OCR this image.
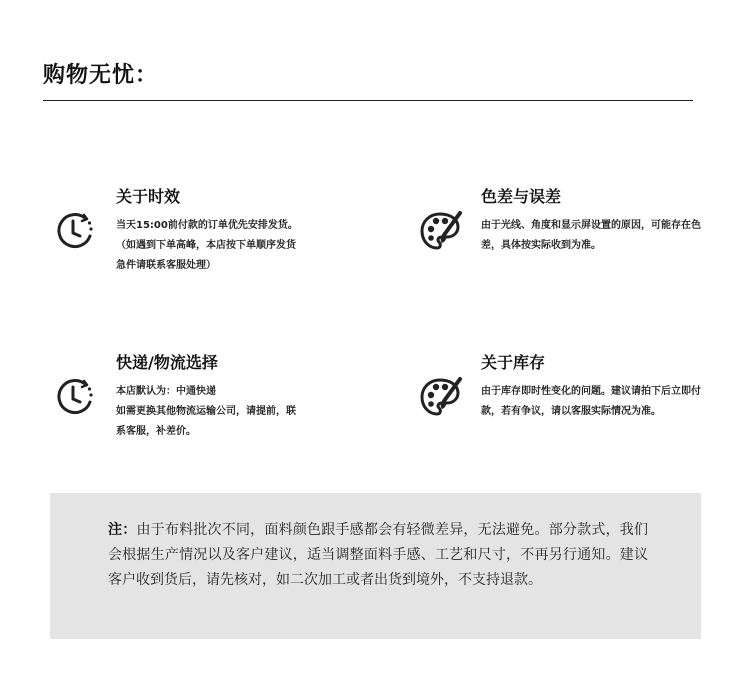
购物无忧：
关于时效
当天15:00前付款的订单优先安排发货。
（如遇到下单高峰，本店按下单顺序发货
急件请联系客服处理）
色差与误差
由于光线、角度和显示屏设置的原因，可能存在色差，具体按实际收到为准。
快递/物流选择
本店默认为：中通快递
如需更换其他物流运输公司，请提前，联
系客服，补差价。
关于库存
由于库存即时性变化的问题。建议请拍下后立即付款，若有争议，请以客服实际情况为准。
注：由于布料批次不同，面料颜色跟手感都会有轻微差异，无法避免。部分款式，我们会根据生产情况以及客户建议，适当调整面料手感、工艺和尺寸，不再另行通知。建议客户收到货后，请先核对，如二次加工或者出货到境外，不支持退款。
